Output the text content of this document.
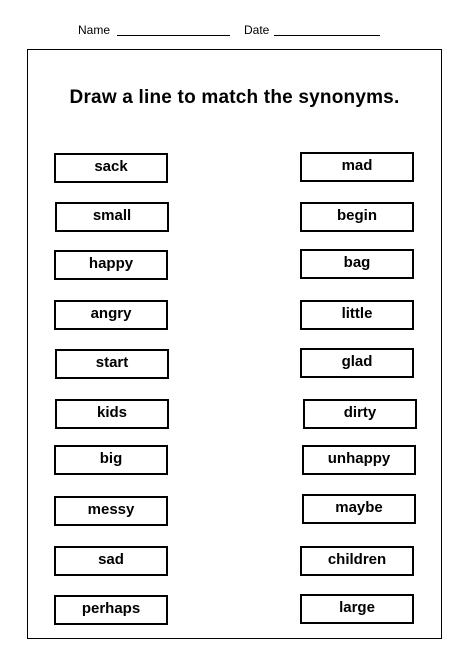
Name	Date
Draw a line to match the synonyms.
sack
small
happy
angry
start
kids
big
messy
sad
perhaps
mad
begin
bag
little
glad
dirty
unhappy
maybe
children
large
